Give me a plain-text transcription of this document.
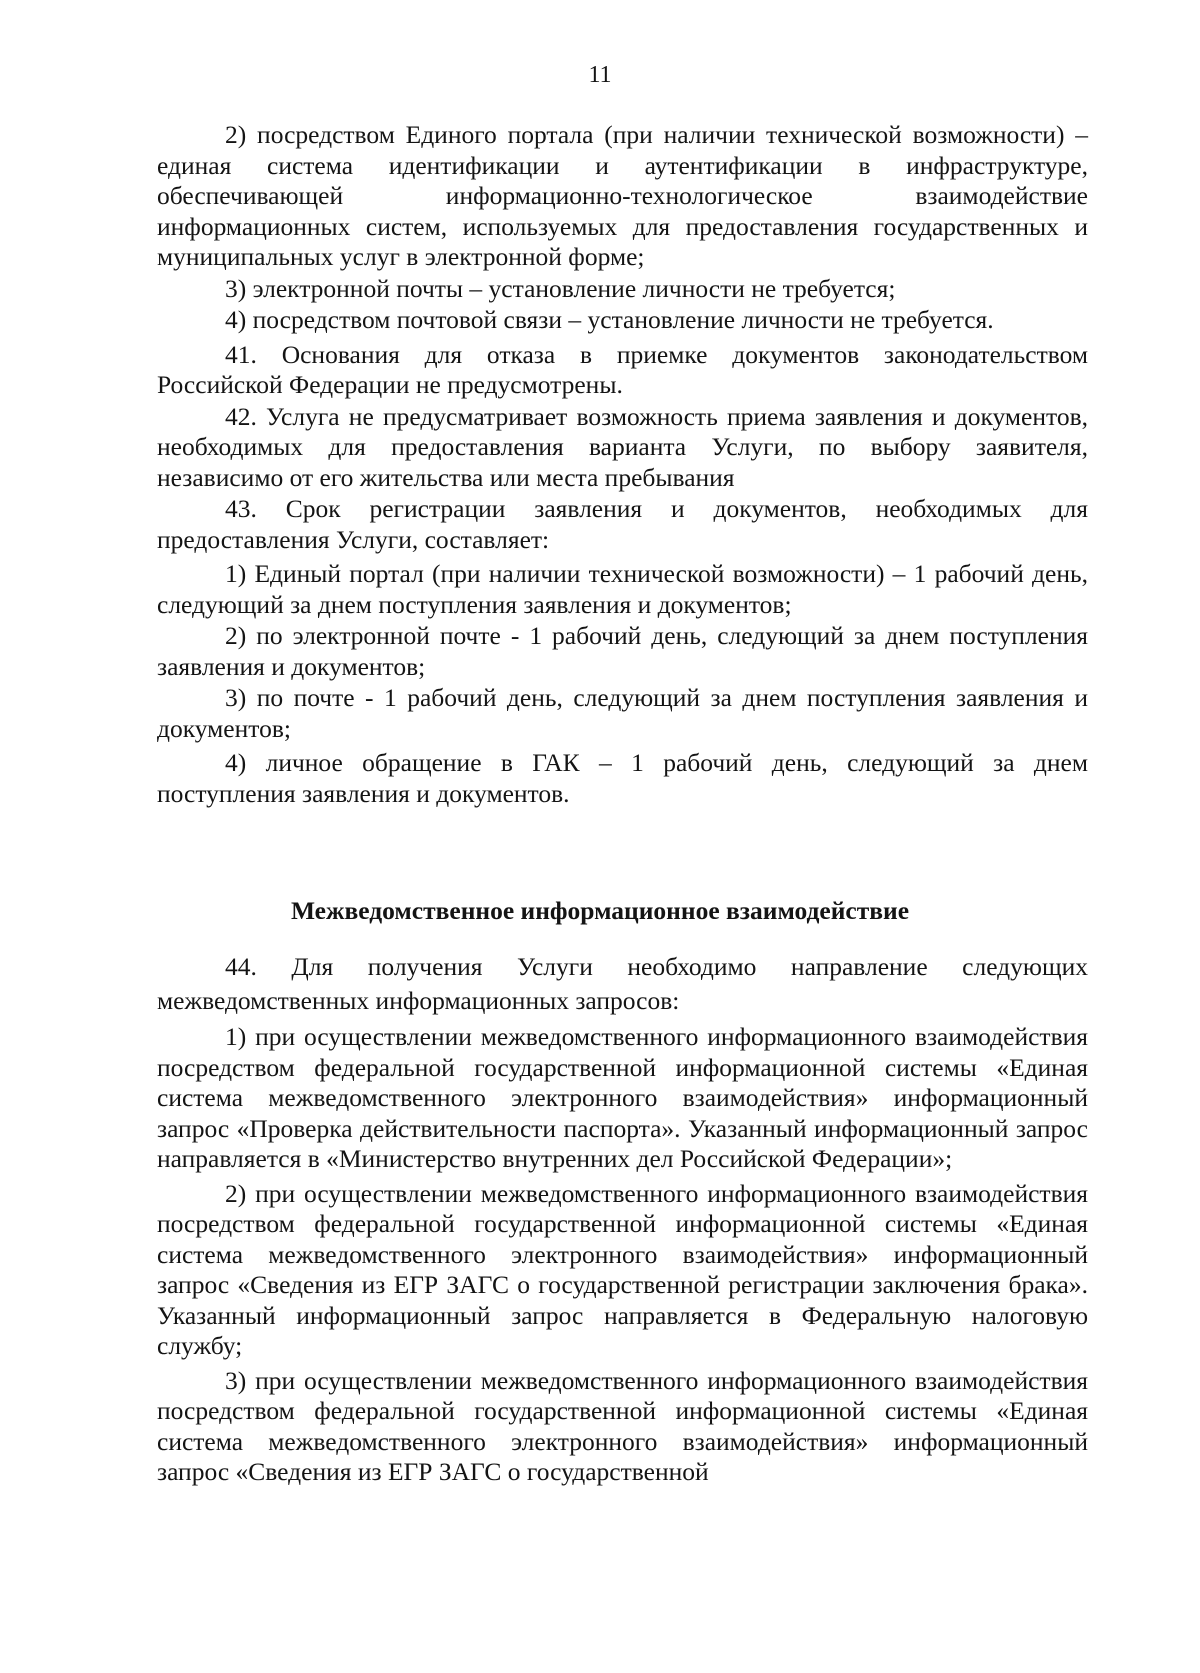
11

2) посредством Единого портала (при наличии технической возможности) – единая система идентификации и аутентификации в инфраструктуре, обеспечивающей информационно-технологическое взаимодействие информационных систем, используемых для предоставления государственных и муниципальных услуг в электронной форме;

3) электронной почты – установление личности не требуется;

4) посредством почтовой связи – установление личности не требуется.

41. Основания для отказа в приемке документов законодательством Российской Федерации не предусмотрены.

42. Услуга не предусматривает возможность приема заявления и документов, необходимых для предоставления варианта Услуги, по выбору заявителя, независимо от его жительства или места пребывания

43. Срок регистрации заявления и документов, необходимых для предоставления Услуги, составляет:

1) Единый портал (при наличии технической возможности) – 1 рабочий день, следующий за днем поступления заявления и документов;

2) по электронной почте - 1 рабочий день, следующий за днем поступления заявления и документов;

3) по почте - 1 рабочий день, следующий за днем поступления заявления и документов;

4) личное обращение в ГАК – 1 рабочий день, следующий за днем поступления заявления и документов.

Межведомственное информационное взаимодействие

44. Для получения Услуги необходимо направление следующих межведомственных информационных запросов:

1) при осуществлении межведомственного информационного взаимодействия посредством федеральной государственной информационной системы «Единая система межведомственного электронного взаимодействия» информационный запрос «Проверка действительности паспорта». Указанный информационный запрос направляется в «Министерство внутренних дел Российской Федерации»;

2) при осуществлении межведомственного информационного взаимодействия посредством федеральной государственной информационной системы «Единая система межведомственного электронного взаимодействия» информационный запрос «Сведения из ЕГР ЗАГС о государственной регистрации заключения брака». Указанный информационный запрос направляется в Федеральную налоговую службу;

3) при осуществлении межведомственного информационного взаимодействия посредством федеральной государственной информационной системы «Единая система межведомственного электронного взаимодействия» информационный запрос «Сведения из ЕГР ЗАГС о государственной
